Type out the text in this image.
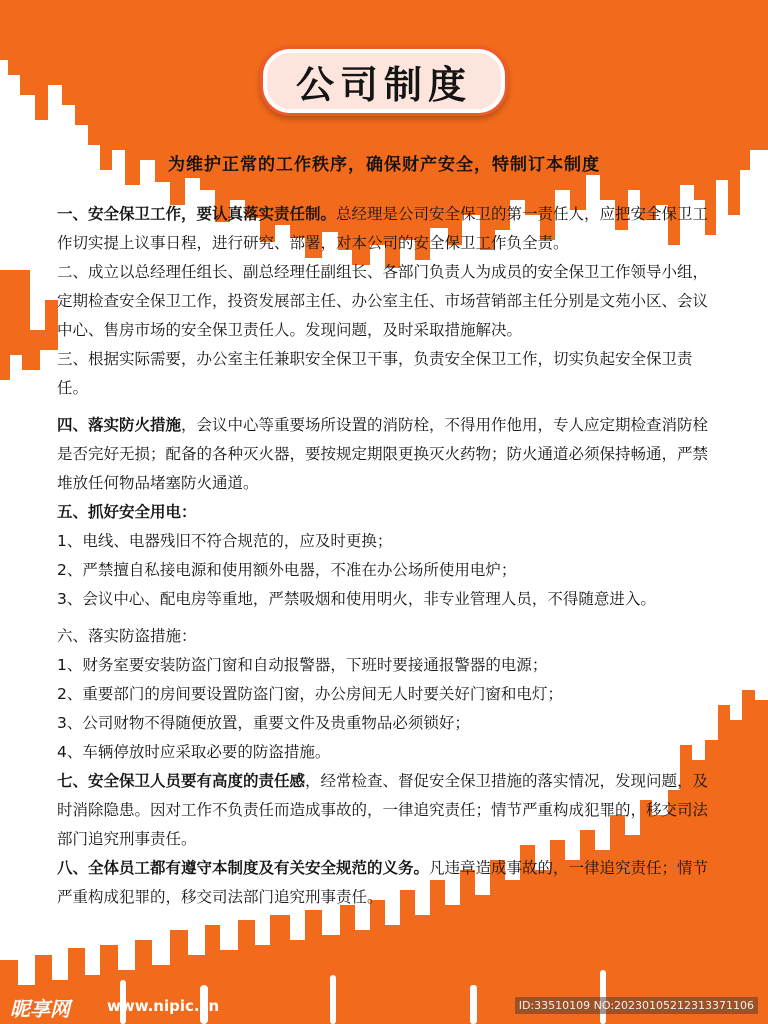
公司制度
为维护正常的工作秩序，确保财产安全，特制订本制度

一、安全保卫工作，要认真落实责任制。总经理是公司安全保卫的第一责任人，应把安全保卫工作切实提上议事日程，进行研究、部署，对本公司的安全保卫工作负全责。

二、成立以总经理任组长、副总经理任副组长、各部门负责人为成员的安全保卫工作领导小组，定期检查安全保卫工作，投资发展部主任、办公室主任、市场营销部主任分别是文苑小区、会议中心、售房市场的安全保卫责任人。发现问题，及时采取措施解决。

三、根据实际需要，办公室主任兼职安全保卫干事，负责安全保卫工作，切实负起安全保卫责任。

四、落实防火措施，会议中心等重要场所设置的消防栓，不得用作他用，专人应定期检查消防栓是否完好无损；配备的各种灭火器，要按规定期限更换灭火药物；防火通道必须保持畅通，严禁堆放任何物品堵塞防火通道。

五、抓好安全用电：

1、电线、电器残旧不符合规范的，应及时更换；

2、严禁擅自私接电源和使用额外电器，不准在办公场所使用电炉；

3、会议中心、配电房等重地，严禁吸烟和使用明火，非专业管理人员，不得随意进入。

六、落实防盗措施：

1、财务室要安装防盗门窗和自动报警器，下班时要接通报警器的电源；

2、重要部门的房间要设置防盗门窗，办公房间无人时要关好门窗和电灯；

3、公司财物不得随便放置，重要文件及贵重物品必须锁好；

4、车辆停放时应采取必要的防盗措施。

七、安全保卫人员要有高度的责任感，经常检查、督促安全保卫措施的落实情况，发现问题，及时消除隐患。因对工作不负责任而造成事故的，一律追究责任；情节严重构成犯罪的，移交司法部门追究刑事责任。

八、全体员工都有遵守本制度及有关安全规范的义务。凡违章造成事故的，一律追究责任；情节严重构成犯罪的，移交司法部门追究刑事责任。

昵享网 www.nipic.cn	ID:33510109 NO:20230105212313371106
